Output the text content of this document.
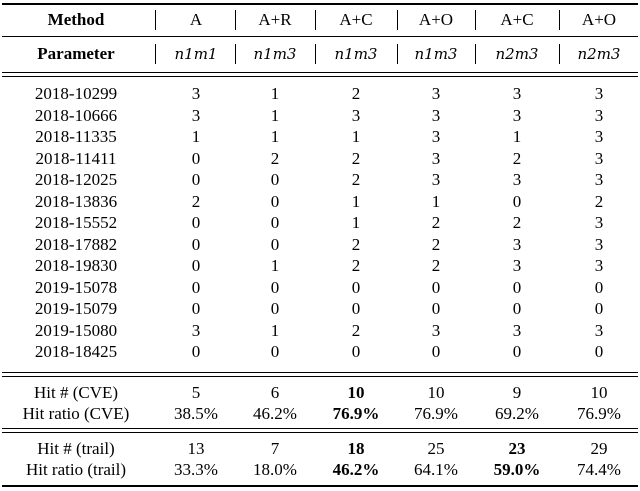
Method	A	A+R	A+C	A+O	A+C	A+O
Parameter	n1m1	n1m3	n1m3	n1m3	n2m3	n2m3
2018-10299	3	1	2	3	3	3
2018-10666	3	1	3	3	3	3
2018-11335	1	1	1	3	1	3
2018-11411	0	2	2	3	2	3
2018-12025	0	0	2	3	3	3
2018-13836	2	0	1	1	0	2
2018-15552	0	0	1	2	2	3
2018-17882	0	0	2	2	3	3
2018-19830	0	1	2	2	3	3
2019-15078	0	0	0	0	0	0
2019-15079	0	0	0	0	0	0
2019-15080	3	1	2	3	3	3
2018-18425	0	0	0	0	0	0
Hit # (CVE)	5	6	10	10	9	10
Hit ratio (CVE)	38.5%	46.2%	76.9%	76.9%	69.2%	76.9%
Hit # (trail)	13	7	18	25	23	29
Hit ratio (trail)	33.3%	18.0%	46.2%	64.1%	59.0%	74.4%
